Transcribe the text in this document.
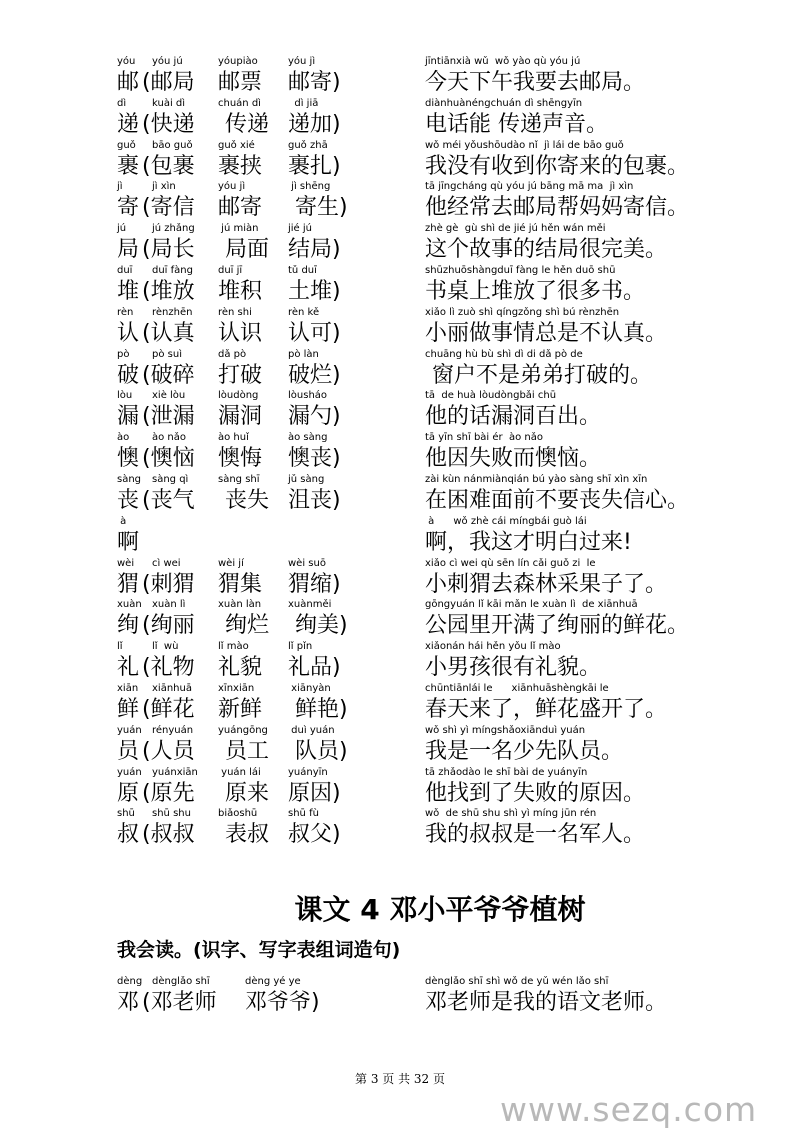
yóu
邮
yóu jú
(邮局
yóupiào
邮票
yóu jì
邮寄)
jīntiānxià wǔ  wǒ yào qù yóu jú
今天下午我要去邮局。
dì
递
kuài dì
(快递
chuán dì
传递
dì jiā
递加)
diànhuànéngchuán dì shēngyīn
电话能 传递声音。
guǒ
裹
bāo guǒ
(包裹
guǒ xié
裹挟
guǒ zhā
裹扎)
wǒ méi yǒushōudào nǐ  jì lái de bāo guǒ
我没有收到你寄来的包裹。
jì
寄
jì xìn
(寄信
yóu jì
邮寄
jì shēng
寄生)
tā jīngcháng qù yóu jú bāng mā ma  jì xìn
他经常去邮局帮妈妈寄信。
jú
局
jú zhǎng
(局长
jú miàn
局面
jié jú
结局)
zhè gè  gù shì de jié jú hěn wán měi
这个故事的结局很完美。
duī
堆
duī fàng
(堆放
duī jī
堆积
tǔ duī
土堆)
shūzhuōshàngduī fàng le hěn duō shū
书桌上堆放了很多书。
rèn
认
rènzhēn
(认真
rèn shi
认识
rèn kě
认可)
xiǎo lì zuò shì qíngzǒng shì bú rènzhēn
小丽做事情总是不认真。
pò
破
pò suì
(破碎
dǎ pò
打破
pò làn
破烂)
chuāng hù bù shì dì di dǎ pò de
窗户不是弟弟打破的。
lòu
漏
xiè lòu
(泄漏
lòudòng
漏洞
lòusháo
漏勺)
tā  de huà lòudòngbǎi chū
他的话漏洞百出。
ào
懊
ào nǎo
(懊恼
ào huǐ
懊悔
ào sàng
懊丧)
tā yīn shī bài ér  ào nǎo
他因失败而懊恼。
sàng
丧
sàng qì
(丧气
sàng shī
丧失
jǔ sàng
沮丧)
zài kùn nánmiànqián bú yào sàng shī xìn xīn
在困难面前不要丧失信心。
à
啊
à      wǒ zhè cái míngbái guò lái
啊，我这才明白过来!
wèi
猬
cì wei
(刺猬
wèi jí
猬集
wèi suō
猬缩)
xiǎo cì wei qù sēn lín cǎi guǒ zi  le
小刺猬去森林采果子了。
xuàn
绚
xuàn lì
(绚丽
xuàn làn
绚烂
xuànměi
绚美)
gōngyuán lǐ kāi mǎn le xuàn lì  de xiānhuā
公园里开满了绚丽的鲜花。
lǐ
礼
lǐ  wù
(礼物
lǐ mào
礼貌
lǐ pǐn
礼品)
xiǎonán hái hěn yǒu lǐ mào
小男孩很有礼貌。
xiān
鲜
xiānhuā
(鲜花
xīnxiān
新鲜
xiānyàn
鲜艳)
chūntiānlái le      xiānhuāshèngkāi le
春天来了，鲜花盛开了。
yuán
员
rényuán
(人员
yuángōng
员工
duì yuán
队员)
wǒ shì yì míngshǎoxiānduì yuán
我是一名少先队员。
yuán
原
yuánxiān
(原先
yuán lái
原来
yuányīn
原因)
tā zhǎodào le shī bài de yuányīn
他找到了失败的原因。
shū
叔
shū shu
(叔叔
biǎoshū
表叔
shū fù
叔父)
wǒ  de shū shu shì yì míng jūn rén
我的叔叔是一名军人。
课文 4 邓小平爷爷植树
我会读。(识字、写字表组词造句)
dèng
邓
dènglǎo shī
(邓老师
dèng yé ye
邓爷爷)
dènglǎo shī shì wǒ de yǔ wén lǎo shī
邓老师是我的语文老师。
第 3 页 共 32 页
www.sezq.com
